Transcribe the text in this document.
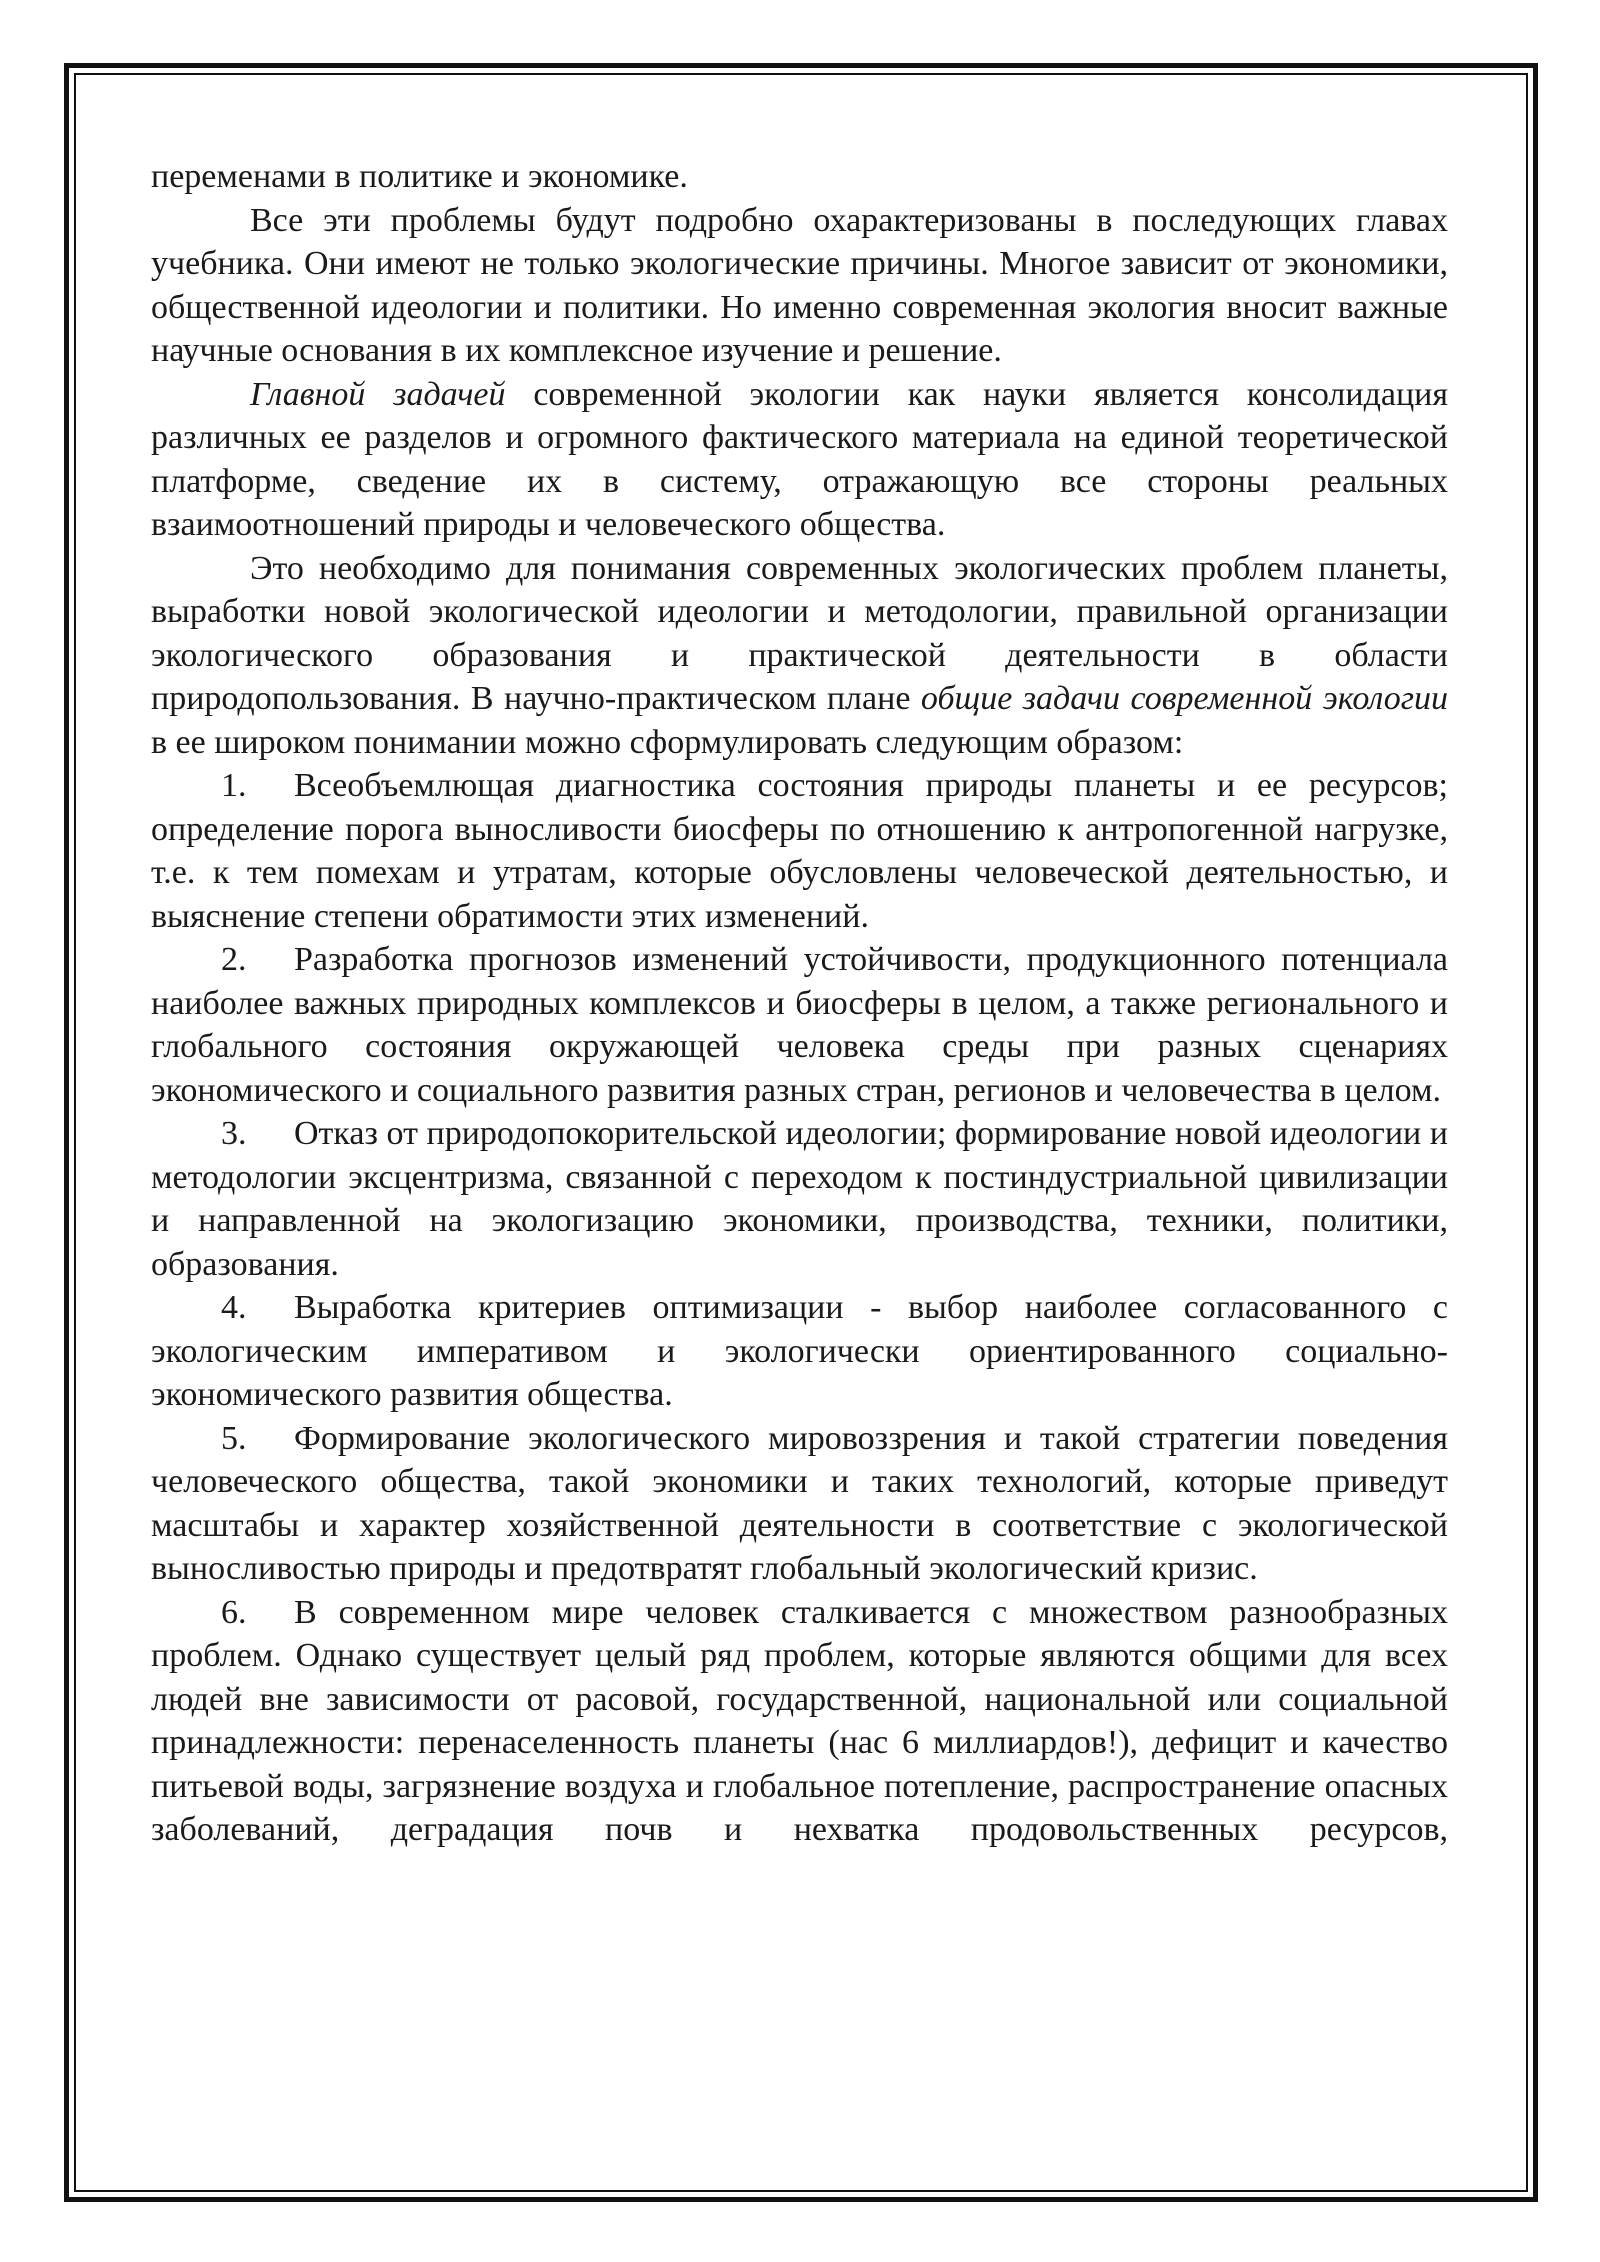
переменами в политике и экономике.

Все эти проблемы будут подробно охарактеризованы в последующих главах учебника. Они имеют не только экологические причины. Многое зависит от экономики, общественной идеологии и политики. Но именно современная экология вносит важные научные основания в их комплексное изучение и решение.

Главной задачей современной экологии как науки является консолидация различных ее разделов и огромного фактического материала на единой теоретической платформе, сведение их в систему, отражающую все стороны реальных взаимоотношений природы и человеческого общества.

Это необходимо для понимания современных экологических проблем планеты, выработки новой экологической идеологии и методологии, правильной организации экологического образования и практической деятельности в области природопользования. В научно-практическом плане общие задачи современной экологии в ее широком понимании можно сформулировать следующим образом:

1. Всеобъемлющая диагностика состояния природы планеты и ее ресурсов; определение порога выносливости биосферы по отношению к антропогенной нагрузке, т.е. к тем помехам и утратам, которые обусловлены человеческой деятельностью, и выяснение степени обратимости этих изменений.

2. Разработка прогнозов изменений устойчивости, продукционного потенциала наиболее важных природных комплексов и биосферы в целом, а также регионального и глобального состояния окружающей человека среды при разных сценариях экономического и социального развития разных стран, регионов и человечества в целом.

3. Отказ от природопокорительской идеологии; формирование новой идеологии и методологии эксцентризма, связанной с переходом к постиндустриальной цивилизации и направленной на экологизацию экономики, производства, техники, политики, образования.

4. Выработка критериев оптимизации - выбор наиболее согласованного с экологическим императивом и экологически ориентированного социально-экономического развития общества.

5. Формирование экологического мировоззрения и такой стратегии поведения человеческого общества, такой экономики и таких технологий, которые приведут масштабы и характер хозяйственной деятельности в соответствие с экологической выносливостью природы и предотвратят глобальный экологический кризис.

6. В современном мире человек сталкивается с множеством разнообразных проблем. Однако существует целый ряд проблем, которые являются общими для всех людей вне зависимости от расовой, государственной, национальной или социальной принадлежности: перенаселенность планеты (нас 6 миллиардов!), дефицит и качество питьевой воды, загрязнение воздуха и глобальное потепление, распространение опасных заболеваний, деградация почв и нехватка продовольственных ресурсов,
